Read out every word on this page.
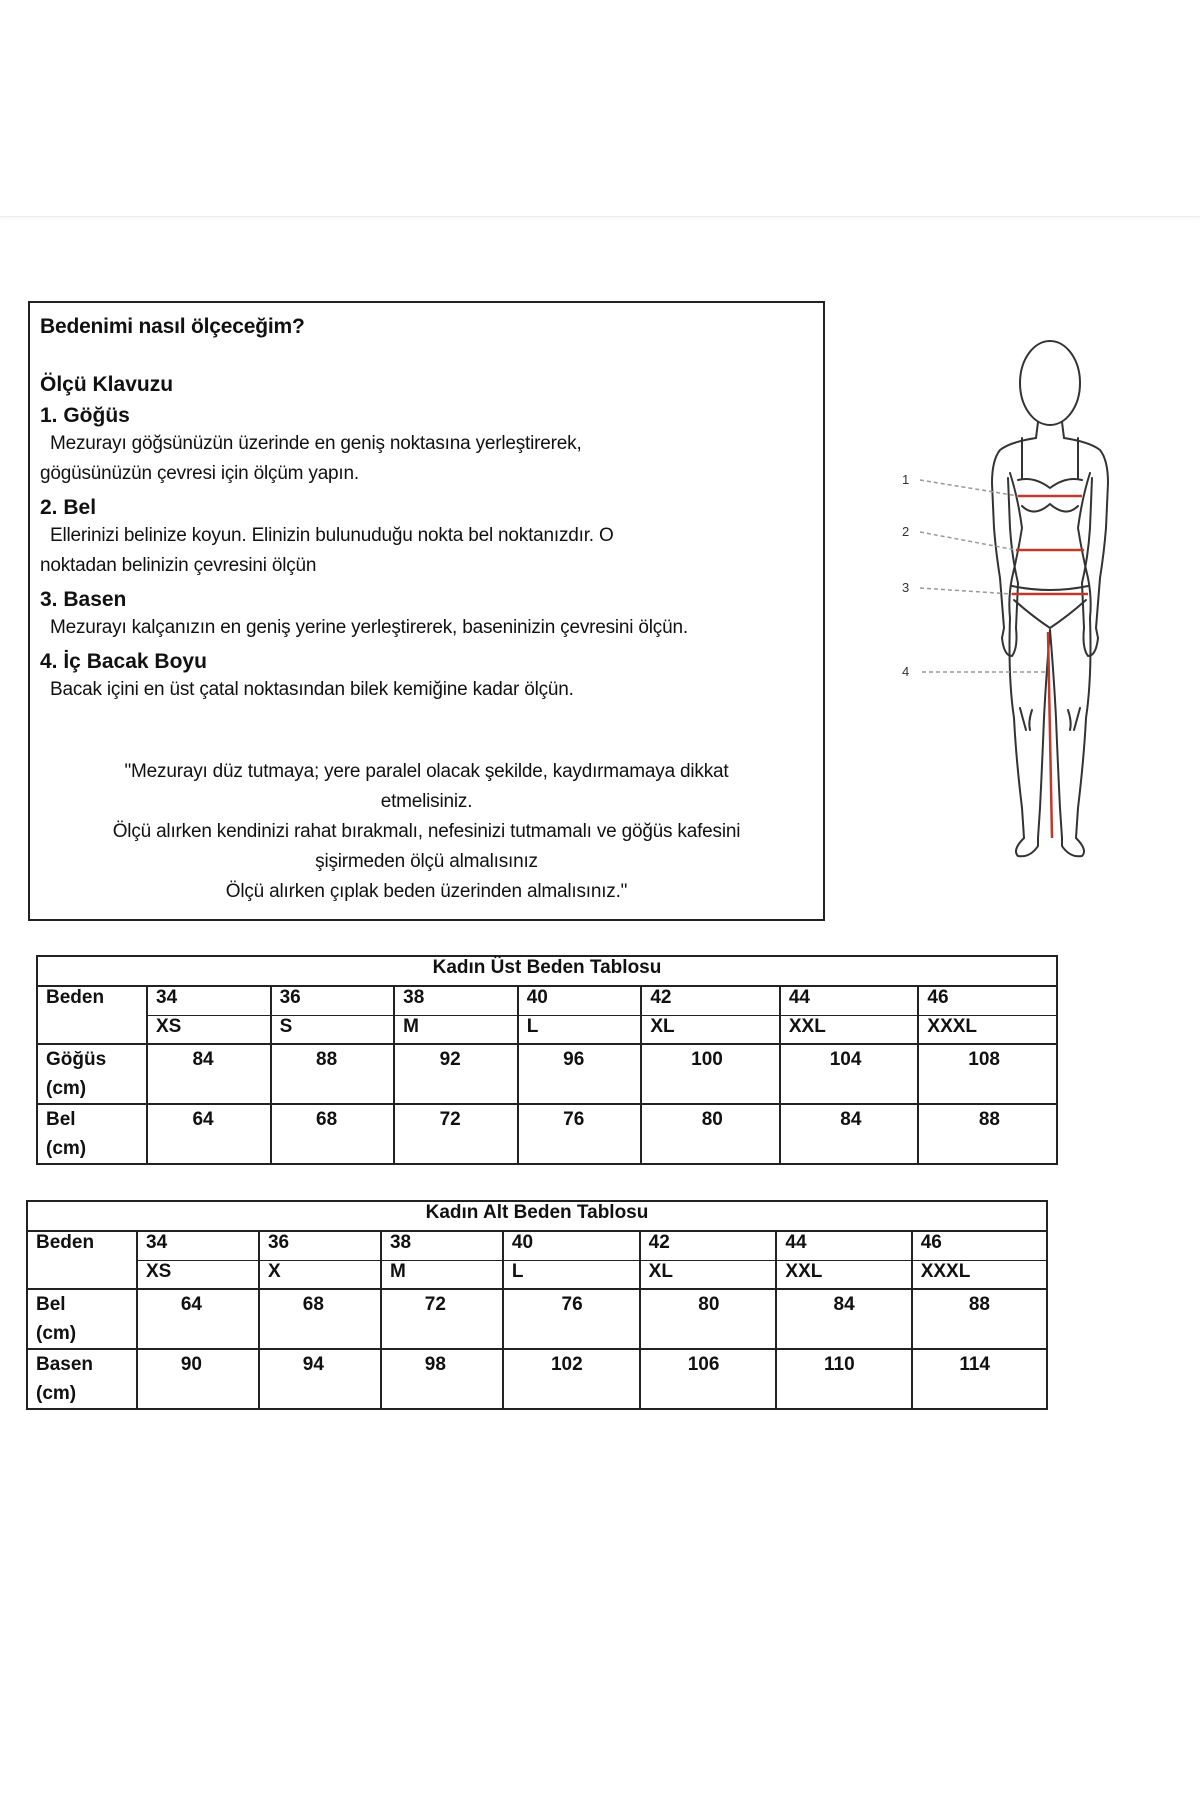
Bedenimi nasıl ölçeceğim?
Ölçü Klavuzu
1. Göğüs
Mezurayı göğsünüzün üzerinde en geniş noktasına yerleştirerek,
gögüsünüzün çevresi için ölçüm yapın.
2. Bel
Ellerinizi belinize koyun. Elinizin bulunuduğu nokta bel noktanızdır. O
noktadan belinizin çevresini ölçün
3. Basen
Mezurayı kalçanızın en geniş yerine yerleştirerek, baseninizin çevresini ölçün.
4. İç Bacak Boyu
Bacak içini en üst çatal noktasından bilek kemiğine kadar ölçün.
"Mezurayı düz tutmaya; yere paralel olacak şekilde, kaydırmamaya dikkat
etmelisiniz.
Ölçü alırken kendinizi rahat bırakmalı, nefesinizi tutmamalı ve göğüs kafesini
şişirmeden ölçü almalısınız
Ölçü alırken çıplak beden üzerinden almalısınız."
1
2
3
4
Kadın Üst Beden Tablosu							
Beden	34	36	38	40	42	44	46
	XS	S	M	L	XL	XXL	XXXL

Göğüs
(cm)	84	88	92	96	100	104	108

Bel
(cm)	64	68	72	76	80	84	88
Kadın Alt Beden Tablosu							
Beden	34	36	38	40	42	44	46
	XS	X	M	L	XL	XXL	XXXL

Bel
(cm)	64	68	72	76	80	84	88

Basen
(cm)	90	94	98	102	106	110	114
